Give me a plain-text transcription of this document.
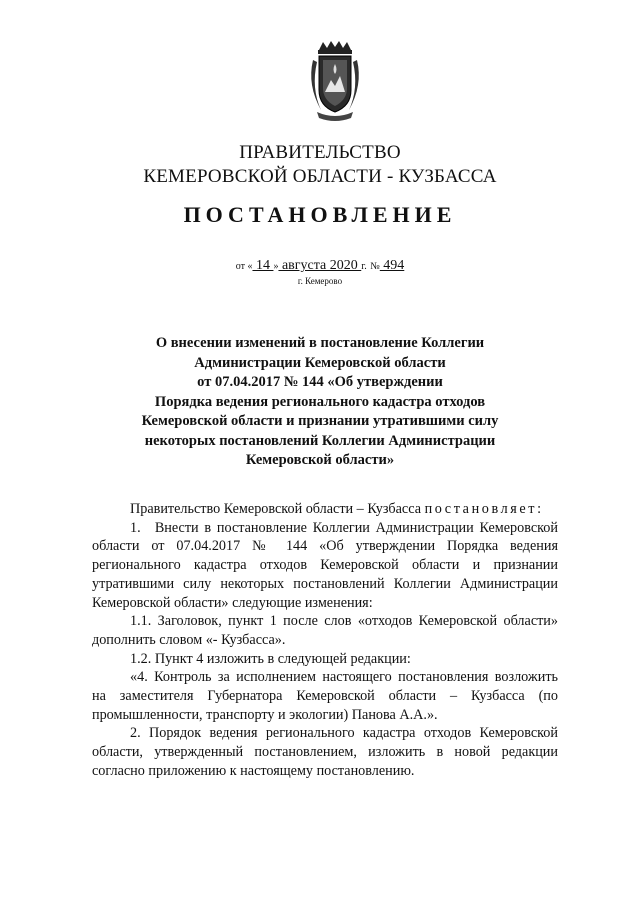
ПРАВИТЕЛЬСТВО
КЕМЕРОВСКОЙ ОБЛАСТИ - КУЗБАССА
ПОСТАНОВЛЕНИЕ
от « 14 » августа 2020 г. № 494
г. Кемерово
О внесении изменений в постановление Коллегии
Администрации Кемеровской области
от 07.04.2017 № 144 «Об утверждении
Порядка ведения регионального кадастра отходов
Кемеровской области и признании утратившими силу
некоторых постановлений Коллегии Администрации
Кемеровской области»

Правительство Кемеровской области – Кузбасса постановляет:

1. Внести в постановление Коллегии Администрации Кемеровской области от 07.04.2017 № 144 «Об утверждении Порядка ведения регионального кадастра отходов Кемеровской области и признании утратившими силу некоторых постановлений Коллегии Администрации Кемеровской области» следующие изменения:

1.1. Заголовок, пункт 1 после слов «отходов Кемеровской области» дополнить словом «- Кузбасса».

1.2. Пункт 4 изложить в следующей редакции:

«4. Контроль за исполнением настоящего постановления возложить на заместителя Губернатора Кемеровской области – Кузбасса (по промышленности, транспорту и экологии) Панова А.А.».

2. Порядок ведения регионального кадастра отходов Кемеровской области, утвержденный постановлением, изложить в новой редакции согласно приложению к настоящему постановлению.
